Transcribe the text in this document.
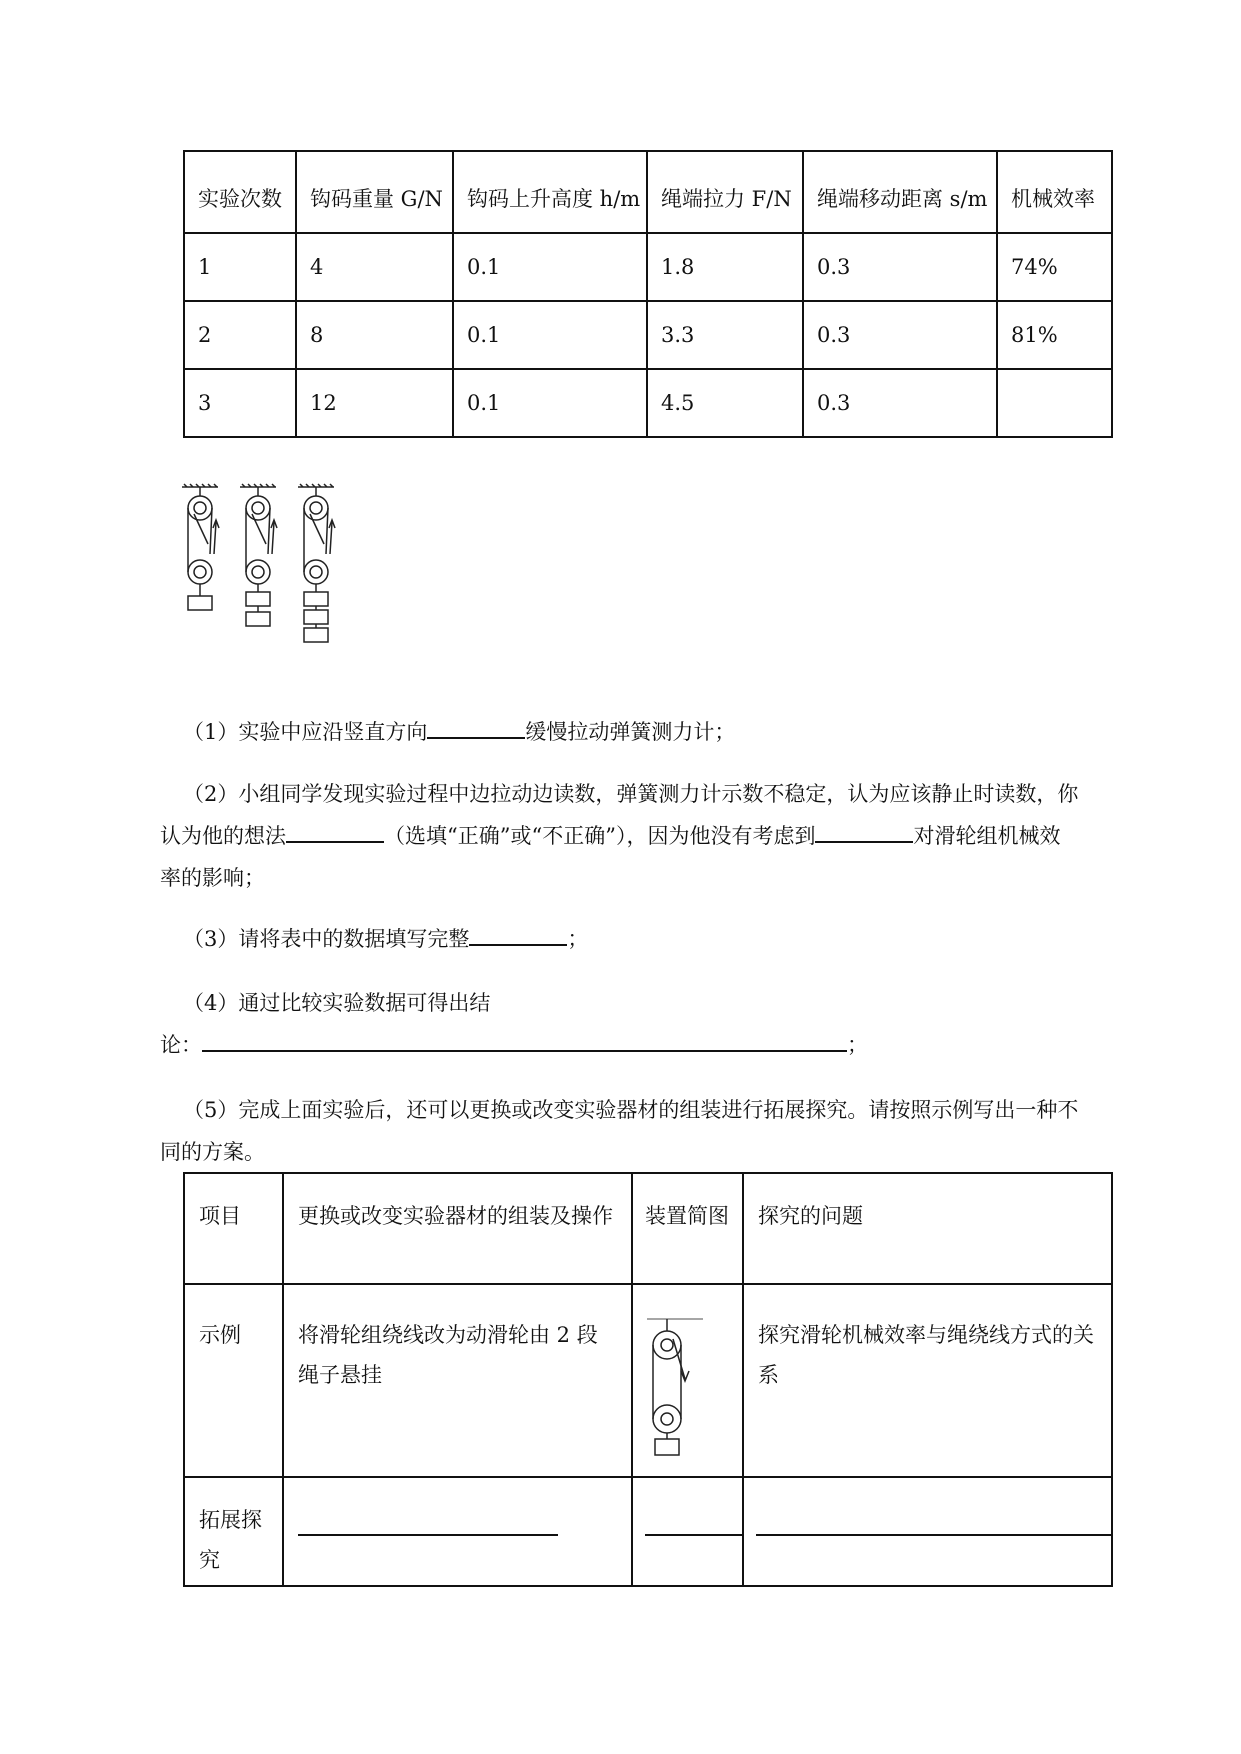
实验次数	钩码重量 G/N	钩码上升高度 h/m	绳端拉力 F/N	绳端移动距离 s/m	机械效率
1	4	0.1	1.8	0.3	74%
2	8	0.1	3.3	0.3	81%
3	12	0.1	4.5	0.3	
（1）实验中应沿竖直方向	缓慢拉动弹簧测力计；
（2）小组同学发现实验过程中边拉动边读数，弹簧测力计示数不稳定，认为应该静止时读数，你
认为他的想法	（选填“正确”或“不正确”），因为他没有考虑到	对滑轮组机械效
率的影响；
（3）请将表中的数据填写完整	；
（4）通过比较实验数据可得出结
论：	；
（5）完成上面实验后，还可以更换或改变实验器材的组装进行拓展探究。请按照示例写出一种不
同的方案。
项目	更换或改变实验器材的组装及操作	装置简图	探究的问题
示例	将滑轮组绕线改为动滑轮由 2 段绳子悬挂		探究滑轮机械效率与绳绕线方式的关系
拓展探究	
